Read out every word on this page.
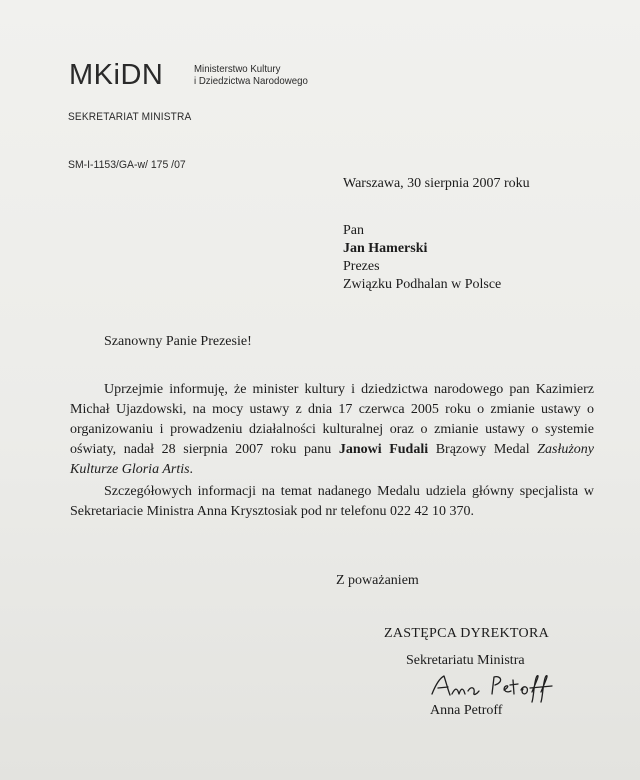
MKiDN	Ministerstwo Kultury
i Dziedzictwa Narodowego
SEKRETARIAT MINISTRA
SM-I-1153/GA-w/ 175 /07
Warszawa, 30 sierpnia 2007 roku
Pan
Jan Hamerski
Prezes
Związku Podhalan w Polsce
Szanowny Panie Prezesie!

Uprzejmie informuję, że minister kultury i dziedzictwa narodowego pan Kazimierz Michał Ujazdowski, na mocy ustawy z dnia 17 czerwca 2005 roku o zmianie ustawy o organizowaniu i prowadzeniu działalności kulturalnej oraz o zmianie ustawy o systemie oświaty, nadał 28 sierpnia 2007 roku panu Janowi Fudali Brązowy Medal Zasłużony Kulturze Gloria Artis.

Szczegółowych informacji na temat nadanego Medalu udziela główny specjalista w Sekretariacie Ministra Anna Krysztosiak pod nr telefonu 022 42 10 370.

Z poważaniem
ZASTĘPCA DYREKTORA
Sekretariatu Ministra
Anna Petroff
